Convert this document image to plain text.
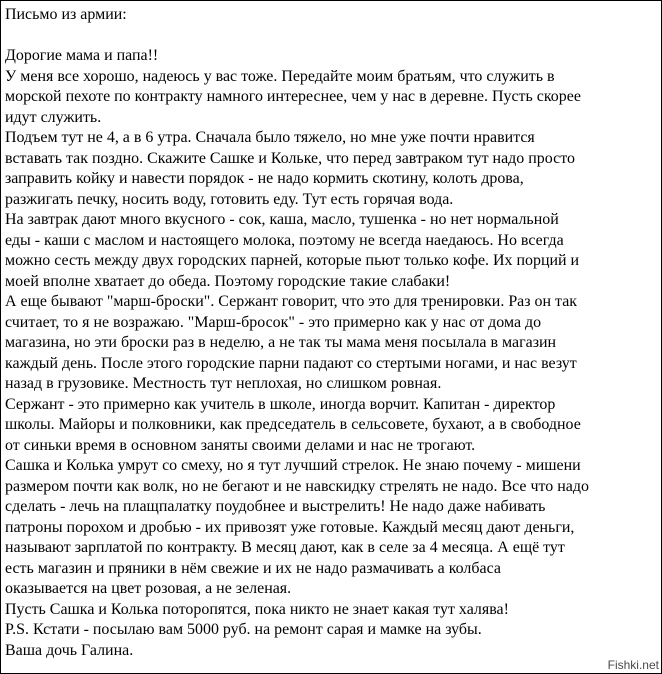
Письмо из армии:
Дорогие мама и папа!!
У меня все хорошо, надеюсь у вас тоже. Передайте моим братьям, что служить в
морской пехоте по контракту намного интереснее, чем у нас в деревне. Пусть скорее
идут служить.
Подъем тут не 4, а в 6 утра. Сначала было тяжело, но мне уже почти нравится
вставать так поздно. Скажите Сашке и Кольке, что перед завтраком тут надо просто
заправить койку и навести порядок - не надо кормить скотину, колоть дрова,
разжигать печку, носить воду, готовить еду. Тут есть горячая вода.
На завтрак дают много вкусного - сок, каша, масло, тушенка - но нет нормальной
еды - каши с маслом и настоящего молока, поэтому не всегда наедаюсь. Но всегда
можно сесть между двух городских парней, которые пьют только кофе. Их порций и
моей вполне хватает до обеда. Поэтому городские такие слабаки!
А еще бывают "марш-броски". Сержант говорит, что это для тренировки. Раз он так
считает, то я не возражаю. "Марш-бросок" - это примерно как у нас от дома до
магазина, но эти броски раз в неделю, а не так ты мама меня посылала в магазин
каждый день. После этого городские парни падают со стертыми ногами, и нас везут
назад в грузовике. Местность тут неплохая, но слишком ровная.
Сержант - это примерно как учитель в школе, иногда ворчит. Капитан - директор
школы. Майоры и полковники, как председатель в сельсовете, бухают, а в свободное
от синьки время в основном заняты своими делами и нас не трогают.
Сашка и Колька умрут со смеху, но я тут лучший стрелок. Не знаю почему - мишени
размером почти как волк, но не бегают и не навскидку стрелять не надо. Все что надо
сделать - лечь на плащпалатку поудобнее и выстрелить! Не надо даже набивать
патроны порохом и дробью - их привозят уже готовые. Каждый месяц дают деньги,
называют зарплатой по контракту. В месяц дают, как в селе за 4 месяца. А ещё тут
есть магазин и пряники в нём свежие и их не надо размачивать а колбаса
оказывается на цвет розовая, а не зеленая.
Пусть Сашка и Колька поторопятся, пока никто не знает какая тут халява!
P.S. Кстати - посылаю вам 5000 руб. на ремонт сарая и мамке на зубы.
Ваша дочь Галина.
Fishki.net
